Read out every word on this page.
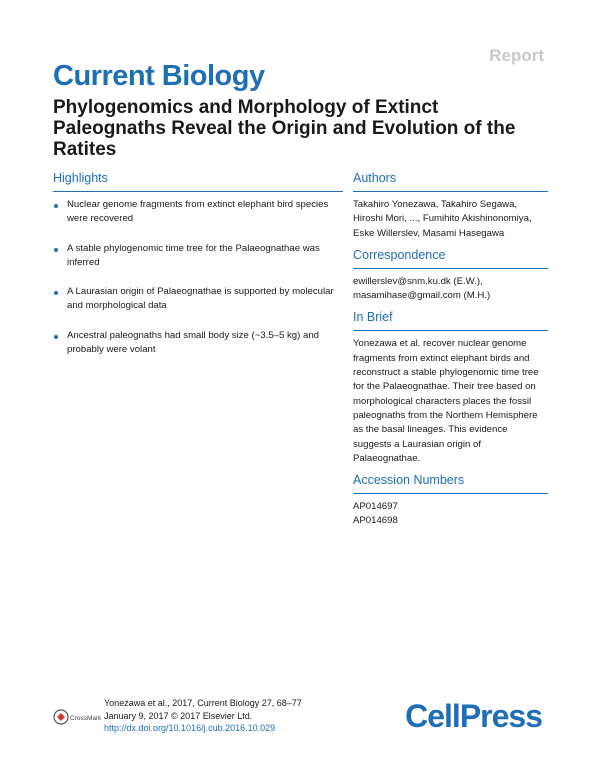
Report
Current Biology
Phylogenomics and Morphology of Extinct Paleognaths Reveal the Origin and Evolution of the Ratites
Highlights
Nuclear genome fragments from extinct elephant bird species were recovered
A stable phylogenomic time tree for the Palaeognathae was inferred
A Laurasian origin of Palaeognathae is supported by molecular and morphological data
Ancestral paleognaths had small body size (~3.5–5 kg) and probably were volant
Authors
Takahiro Yonezawa, Takahiro Segawa, Hiroshi Mori, ..., Fumihito Akishinonomiya, Eske Willerslev, Masami Hasegawa
Correspondence
ewillerslev@snm.ku.dk (E.W.),
masamihase@gmail.com (M.H.)
In Brief
Yonezawa et al. recover nuclear genome fragments from extinct elephant birds and reconstruct a stable phylogenomic time tree for the Palaeognathae. Their tree based on morphological characters places the fossil paleognaths from the Northern Hemisphere as the basal lineages. This evidence suggests a Laurasian origin of Palaeognathae.
Accession Numbers
AP014697
AP014698
CrossMark
Yonezawa et al., 2017, Current Biology 27, 68–77
January 9, 2017 © 2017 Elsevier Ltd.
http://dx.doi.org/10.1016/j.cub.2016.10.029	CellPress
